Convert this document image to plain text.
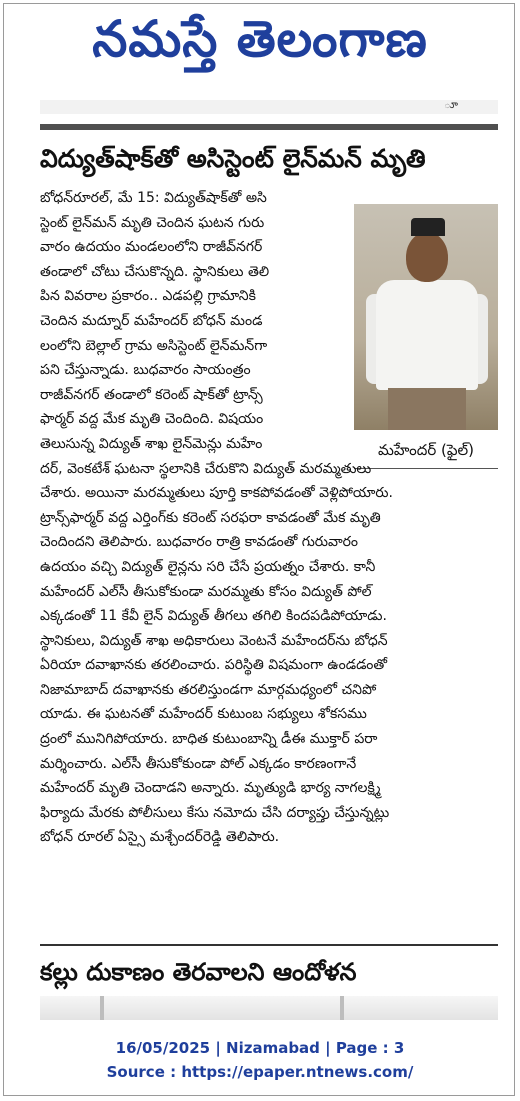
నమస్తే తెలంగాణ
ూ
విద్యుత్‌షాక్‌తో అసిస్టెంట్ లైన్‌మన్ మృతి
మహేందర్ (ఫైల్)
బోధన్‌రూరల్, మే 15: విద్యుత్‌షాక్‌తో అసి
స్టెంట్ లైన్‌మన్ మృతి చెందిన ఘటన గురు
వారం ఉదయం మండలంలోని రాజీవ్‌నగర్
తండాలో చోటు చేసుకొన్నది. స్థానికులు తెలి
పిన వివరాల ప్రకారం.. ఎడపల్లి గ్రామానికి
చెందిన మద్నూర్ మహేందర్ బోధన్ మండ
లంలోని బెల్లాల్ గ్రామ అసిస్టెంట్ లైన్‌మన్‌గా
పని చేస్తున్నాడు. బుధవారం సాయంత్రం
రాజీవ్‌నగర్ తండాలో కరెంట్ షాక్‌తో ట్రాన్స్
ఫార్మర్ వద్ద మేక మృతి చెందింది. విషయం
తెలుసున్న విద్యుత్ శాఖ లైన్‌మెన్లు మహేం
దర్, వెంకటేశ్ ఘటనా స్థలానికి చేరుకొని విద్యుత్ మరమ్మతులు
చేశారు. అయినా మరమ్మతులు పూర్తి కాకపోవడంతో వెళ్లిపోయారు.
ట్రాన్స్‌ఫార్మర్ వద్ద ఎర్తింగ్‌కు కరెంట్ సరఫరా కావడంతో మేక మృతి
చెందిందని తెలిపారు. బుధవారం రాత్రి కావడంతో గురువారం
ఉదయం వచ్చి విద్యుత్ లైన్లను సరి చేసే ప్రయత్నం చేశారు. కానీ
మహేందర్ ఎల్‌సీ తీసుకోకుండా మరమ్మతు కోసం విద్యుత్ పోల్
ఎక్కడంతో 11 కేవీ లైన్ విద్యుత్ తీగలు తగిలి కిందపడిపోయాడు.
స్థానికులు, విద్యుత్ శాఖ అధికారులు వెంటనే మహేందర్‌ను బోధన్
ఏరియా దవాఖానకు తరలించారు. పరిస్థితి విషమంగా ఉండడంతో
నిజామాబాద్ దవాఖానకు తరలిస్తుండగా మార్గమధ్యంలో చనిపో
యాడు. ఈ ఘటనతో మహేందర్ కుటుంబ సభ్యులు శోకసము
ద్రంలో మునిగిపోయారు. బాధిత కుటుంబాన్ని డీఈ ముక్తార్ పరా
మర్శించారు. ఎల్‌సీ తీసుకోకుండా పోల్ ఎక్కడం కారణంగానే
మహేందర్ మృతి చెందాడని అన్నారు. మృత్యుడి భార్య నాగలక్ష్మి
ఫిర్యాదు మేరకు పోలీసులు కేసు నమోదు చేసి దర్యాప్తు చేస్తున్నట్లు
బోధన్ రూరల్ ఏస్సై మశ్చేందర్‌రెడ్డి తెలిపారు.
కల్లు దుకాణం తెరవాలని ఆందోళన
16/05/2025 | Nizamabad | Page : 3
Source : https://epaper.ntnews.com/
